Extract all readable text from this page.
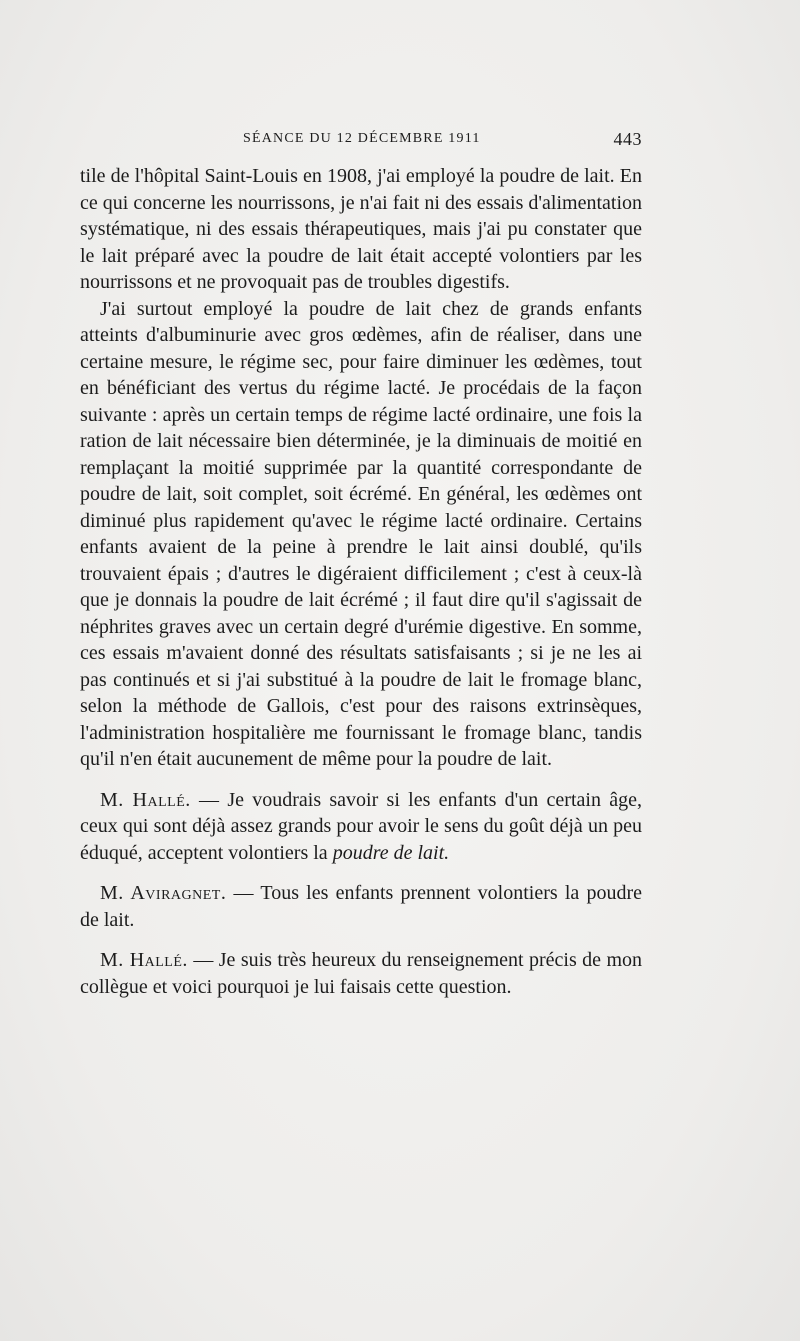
SÉANCE DU 12 DÉCEMBRE 1911	443

tile de l'hôpital Saint-Louis en 1908, j'ai employé la poudre de lait. En ce qui concerne les nourrissons, je n'ai fait ni des essais d'alimentation systématique, ni des essais thérapeutiques, mais j'ai pu constater que le lait préparé avec la poudre de lait était accepté volontiers par les nourrissons et ne provoquait pas de troubles digestifs.

J'ai surtout employé la poudre de lait chez de grands enfants atteints d'albuminurie avec gros œdèmes, afin de réaliser, dans une certaine mesure, le régime sec, pour faire diminuer les œdèmes, tout en bénéficiant des vertus du régime lacté. Je procédais de la façon suivante : après un certain temps de régime lacté ordinaire, une fois la ration de lait nécessaire bien déterminée, je la diminuais de moitié en remplaçant la moitié supprimée par la quantité correspondante de poudre de lait, soit complet, soit écrémé. En général, les œdèmes ont diminué plus rapidement qu'avec le régime lacté ordinaire. Certains enfants avaient de la peine à prendre le lait ainsi doublé, qu'ils trouvaient épais ; d'autres le digéraient difficilement ; c'est à ceux-là que je donnais la poudre de lait écrémé ; il faut dire qu'il s'agissait de néphrites graves avec un certain degré d'urémie digestive. En somme, ces essais m'avaient donné des résultats satisfaisants ; si je ne les ai pas continués et si j'ai substitué à la poudre de lait le fromage blanc, selon la méthode de Gallois, c'est pour des raisons extrinsèques, l'administration hospitalière me fournissant le fromage blanc, tandis qu'il n'en était aucunement de même pour la poudre de lait.

M. Hallé. — Je voudrais savoir si les enfants d'un certain âge, ceux qui sont déjà assez grands pour avoir le sens du goût déjà un peu éduqué, acceptent volontiers la poudre de lait.

M. Aviragnet. — Tous les enfants prennent volontiers la poudre de lait.

M. Hallé. — Je suis très heureux du renseignement précis de mon collègue et voici pourquoi je lui faisais cette question.
